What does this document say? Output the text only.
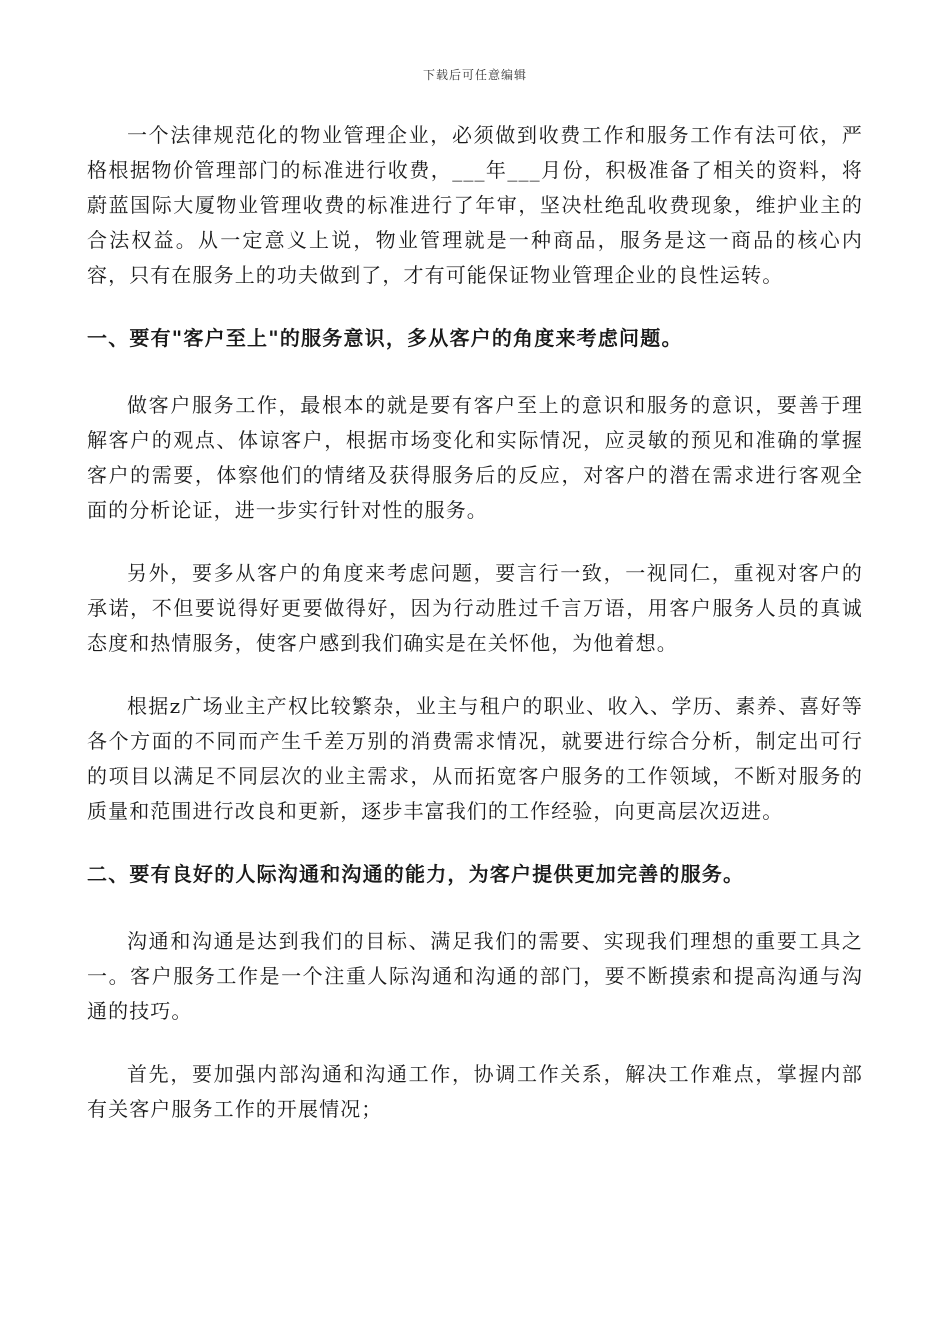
下载后可任意编辑

一个法律规范化的物业管理企业，必须做到收费工作和服务工作有法可依，严格根据物价管理部门的标准进行收费，___年___月份，积极准备了相关的资料，将蔚蓝国际大厦物业管理收费的标准进行了年审，坚决杜绝乱收费现象，维护业主的合法权益。从一定意义上说，物业管理就是一种商品，服务是这一商品的核心内容，只有在服务上的功夫做到了，才有可能保证物业管理企业的良性运转。

一、要有"客户至上"的服务意识，多从客户的角度来考虑问题。

做客户服务工作，最根本的就是要有客户至上的意识和服务的意识，要善于理解客户的观点、体谅客户，根据市场变化和实际情况，应灵敏的预见和准确的掌握客户的需要，体察他们的情绪及获得服务后的反应，对客户的潜在需求进行客观全面的分析论证，进一步实行针对性的服务。

另外，要多从客户的角度来考虑问题，要言行一致，一视同仁，重视对客户的承诺，不但要说得好更要做得好，因为行动胜过千言万语，用客户服务人员的真诚态度和热情服务，使客户感到我们确实是在关怀他，为他着想。

根据z广场业主产权比较繁杂，业主与租户的职业、收入、学历、素养、喜好等各个方面的不同而产生千差万别的消费需求情况，就要进行综合分析，制定出可行的项目以满足不同层次的业主需求，从而拓宽客户服务的工作领域，不断对服务的质量和范围进行改良和更新，逐步丰富我们的工作经验，向更高层次迈进。

二、要有良好的人际沟通和沟通的能力，为客户提供更加完善的服务。

沟通和沟通是达到我们的目标、满足我们的需要、实现我们理想的重要工具之一。客户服务工作是一个注重人际沟通和沟通的部门，要不断摸索和提高沟通与沟通的技巧。

首先，要加强内部沟通和沟通工作，协调工作关系，解决工作难点，掌握内部有关客户服务工作的开展情况；
